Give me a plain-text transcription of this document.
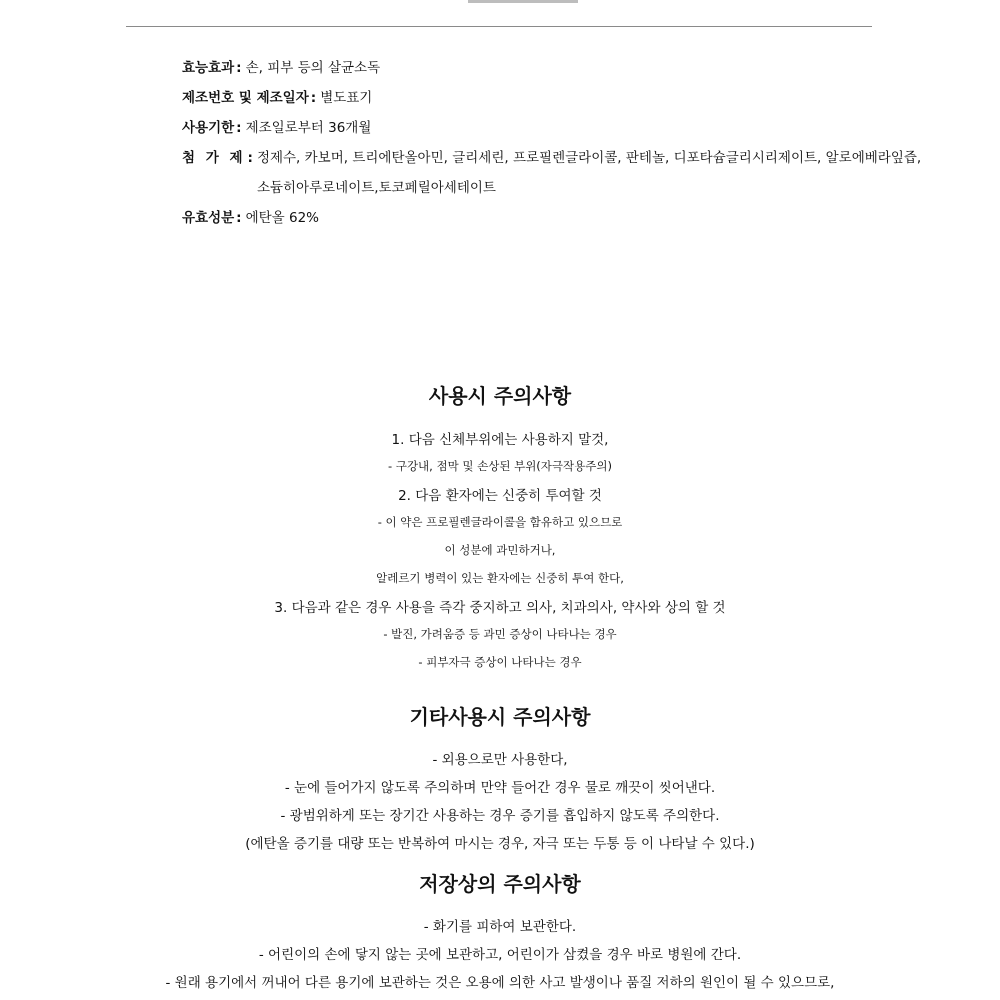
효능효과 : 손, 피부 등의 살균소독
제조번호 및 제조일자 : 별도표기
사용기한 : 제조일로부터 36개월
첨 가 제 : 정제수, 카보머, 트리에탄올아민, 글리세린, 프로필렌글라이콜, 판테놀, 디포타슘글리시리제이트, 알로에베라잎즙,
소듐히아루로네이트,토코페릴아세테이트
유효성분 : 에탄올 62%
사용시 주의사항
1. 다음 신체부위에는 사용하지 말것,
- 구강내, 점막 및 손상된 부위(자극작용주의)
2. 다음 환자에는 신중히 투여할 것
- 이 약은 프로필렌글라이콜을 함유하고 있으므로
이 성분에 과민하거나,
알레르기 병력이 있는 환자에는 신중히 투여 한다,
3. 다음과 같은 경우 사용을 즉각 중지하고 의사, 치과의사, 약사와 상의 할 것
- 발진, 가려움증 등 과민 증상이 나타나는 경우
- 피부자극 증상이 나타나는 경우
기타사용시 주의사항
- 외용으로만 사용한다,
- 눈에 들어가지 않도록 주의하며 만약 들어간 경우 물로 깨끗이 씻어낸다.
- 광범위하게 또는 장기간 사용하는 경우 증기를 흡입하지 않도록 주의한다.
(에탄올 증기를 대량 또는 반복하여 마시는 경우, 자극 또는 두통 등 이 나타날 수 있다.)
저장상의 주의사항
- 화기를 피하여 보관한다.
- 어린이의 손에 닿지 않는 곳에 보관하고, 어린이가 삼켰을 경우 바로 병원에 간다.
- 원래 용기에서 꺼내어 다른 용기에 보관하는 것은 오용에 의한 사고 발생이나 품질 저하의 원인이 될 수 있으므로,
